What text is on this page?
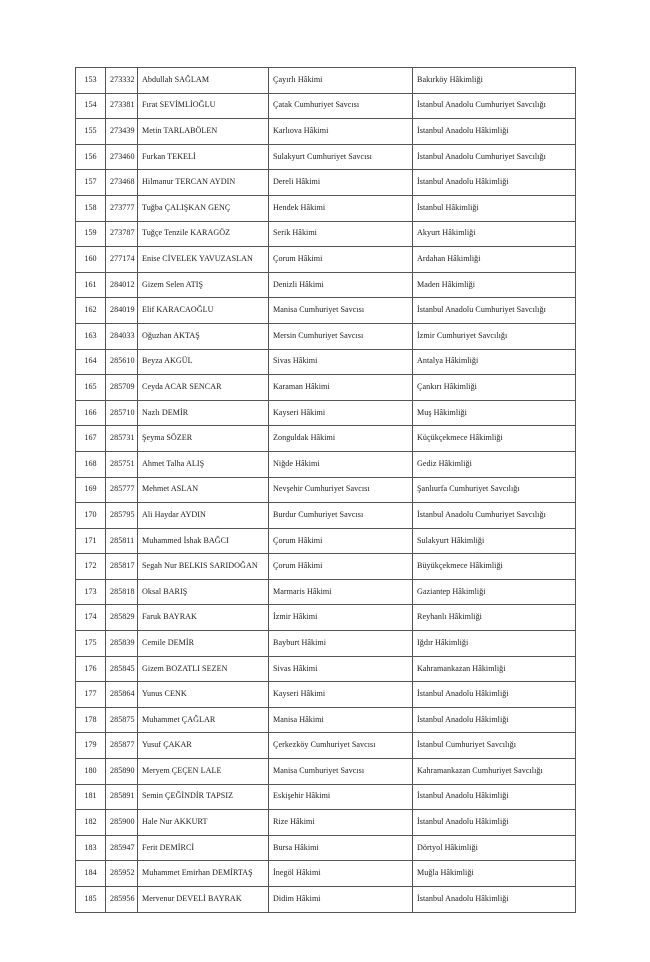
153	273332	Abdullah SAĞLAM	Çayırlı Hâkimi	Bakırköy Hâkimliği
154	273381	Fırat SEVİMLİOĞLU	Çatak Cumhuriyet Savcısı	İstanbul Anadolu Cumhuriyet Savcılığı
155	273439	Metin TARLABÖLEN	Karlıova Hâkimi	İstanbul Anadolu Hâkimliği
156	273460	Furkan TEKELİ	Sulakyurt Cumhuriyet Savcısı	İstanbul Anadolu Cumhuriyet Savcılığı
157	273468	Hilmanur TERCAN AYDIN	Dereli Hâkimi	İstanbul Anadolu Hâkimliği
158	273777	Tuğba ÇALIŞKAN GENÇ	Hendek Hâkimi	İstanbul Hâkimliği
159	273787	Tuğçe Tenzile KARAGÖZ	Serik Hâkimi	Akyurt Hâkimliği
160	277174	Enise CİVELEK YAVUZASLAN	Çorum Hâkimi	Ardahan Hâkimliği
161	284012	Gizem Selen ATIŞ	Denizli Hâkimi	Maden Hâkimliği
162	284019	Elif KARACAOĞLU	Manisa Cumhuriyet Savcısı	İstanbul Anadolu Cumhuriyet Savcılığı
163	284033	Oğuzhan AKTAŞ	Mersin Cumhuriyet Savcısı	İzmir Cumhuriyet Savcılığı
164	285610	Beyza AKGÜL	Sivas Hâkimi	Antalya Hâkimliği
165	285709	Ceyda ACAR SENCAR	Karaman Hâkimi	Çankırı Hâkimliği
166	285710	Nazlı DEMİR	Kayseri Hâkimi	Muş Hâkimliği
167	285731	Şeyma SÖZER	Zonguldak Hâkimi	Küçükçekmece Hâkimliği
168	285751	Ahmet Talha ALIŞ	Niğde Hâkimi	Gediz Hâkimliği
169	285777	Mehmet ASLAN	Nevşehir Cumhuriyet Savcısı	Şanlıurfa Cumhuriyet Savcılığı
170	285795	Ali Haydar AYDIN	Burdur Cumhuriyet Savcısı	İstanbul Anadolu Cumhuriyet Savcılığı
171	285811	Muhammed İshak BAĞCI	Çorum Hâkimi	Sulakyurt Hâkimliği
172	285817	Segah Nur BELKIS SARIDOĞAN	Çorum Hâkimi	Büyükçekmece Hâkimliği
173	285818	Oksal BARIŞ	Marmaris Hâkimi	Gaziantep Hâkimliği
174	285829	Faruk BAYRAK	İzmir Hâkimi	Reyhanlı Hâkimliği
175	285839	Cemile DEMİR	Bayburt Hâkimi	Iğdır Hâkimliği
176	285845	Gizem BOZATLI SEZEN	Sivas Hâkimi	Kahramankazan Hâkimliği
177	285864	Yunus CENK	Kayseri Hâkimi	İstanbul Anadolu Hâkimliği
178	285875	Muhammet ÇAĞLAR	Manisa Hâkimi	İstanbul Anadolu Hâkimliği
179	285877	Yusuf ÇAKAR	Çerkezköy Cumhuriyet Savcısı	İstanbul Cumhuriyet Savcılığı
180	285890	Meryem ÇEÇEN LALE	Manisa Cumhuriyet Savcısı	Kahramankazan Cumhuriyet Savcılığı
181	285891	Semin ÇEĞİNDİR TAPSIZ	Eskişehir Hâkimi	İstanbul Anadolu Hâkimliği
182	285900	Hale Nur AKKURT	Rize Hâkimi	İstanbul Anadolu Hâkimliği
183	285947	Ferit DEMİRCİ	Bursa Hâkimi	Dörtyol Hâkimliği
184	285952	Muhammet Emirhan DEMİRTAŞ	İnegöl Hâkimi	Muğla Hâkimliği
185	285956	Mervenur DEVELİ BAYRAK	Didim Hâkimi	İstanbul Anadolu Hâkimliği
